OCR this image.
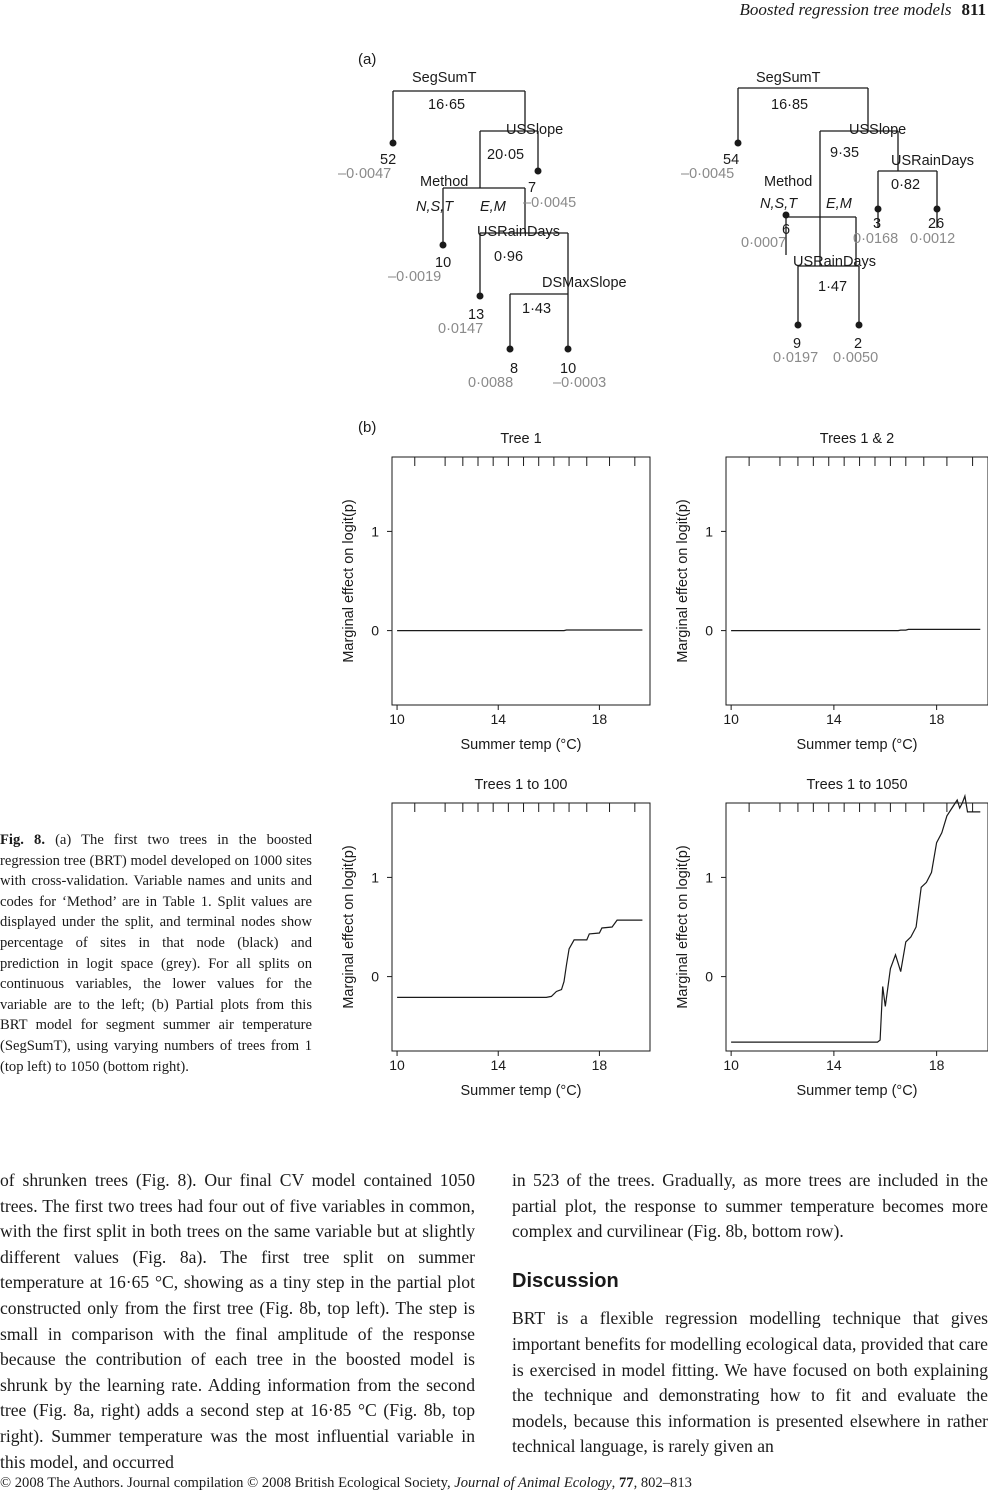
Boosted regression tree models 811
(a)
SegSumT
16·65
USSlope
20·05
Method
N,S,T E,M
USRainDays
0·96
DSMaxSlope
1·43
52
–0·0047
7
–0·0045
10
–0·0019
13
0·0147
8
0·0088
10
–0·0003
SegSumT
16·85
USSlope
9·35 USRainDays
0·82
Method
N,S,T E,M
USRainDays
1·47
54
–0·0045
3
0·0168
26
0·0012
6
0·0007
9
0·0197
2
0·0050
(b)
Tree 1
10	14	18
0
1
Summer temp (°C)
Marginal effect on logit(p)
Trees 1 & 2
10	14	18
0
1
Summer temp (°C)
Marginal effect on logit(p)
Trees 1 to 100
10	14	18
0
1
Summer temp (°C)
Marginal effect on logit(p)
Trees 1 to 1050
10	14	18
0
1
Summer temp (°C)
Marginal effect on logit(p)
Fig. 8. (a) The first two trees in the boosted regression tree (BRT) model developed on 1000 sites with cross-validation. Variable names and units and codes for ‘Method’ are in Table 1. Split values are displayed under the split, and terminal nodes show percentage of sites in that node (black) and prediction in logit space (grey). For all splits on continuous variables, the lower values for the variable are to the left; (b) Partial plots from this BRT model for segment summer air temperature (SegSumT), using varying numbers of trees from 1 (top left) to 1050 (bottom right).
of shrunken trees (Fig. 8). Our final CV model contained 1050 trees. The first two trees had four out of five variables in common, with the first split in both trees on the same variable but at slightly different values (Fig. 8a). The first tree split on summer temperature at 16·65 °C, showing as a tiny step in the partial plot constructed only from the first tree (Fig. 8b, top left). The step is small in comparison with the final amplitude of the response because the contribution of each tree in the boosted model is shrunk by the learning rate. Adding information from the second tree (Fig. 8a, right) adds a second step at 16·85 °C (Fig. 8b, top right). Summer temperature was the most influential variable in this model, and occurred
in 523 of the trees. Gradually, as more trees are included in the partial plot, the response to summer temperature becomes more complex and curvilinear (Fig. 8b, bottom row).
Discussion
BRT is a flexible regression modelling technique that gives important benefits for modelling ecological data, provided that care is exercised in model fitting. We have focused on both explaining the technique and demonstrating how to fit and evaluate the models, because this information is presented elsewhere in rather technical language, is rarely given an
© 2008 The Authors. Journal compilation © 2008 British Ecological Society, Journal of Animal Ecology, 77, 802–813
